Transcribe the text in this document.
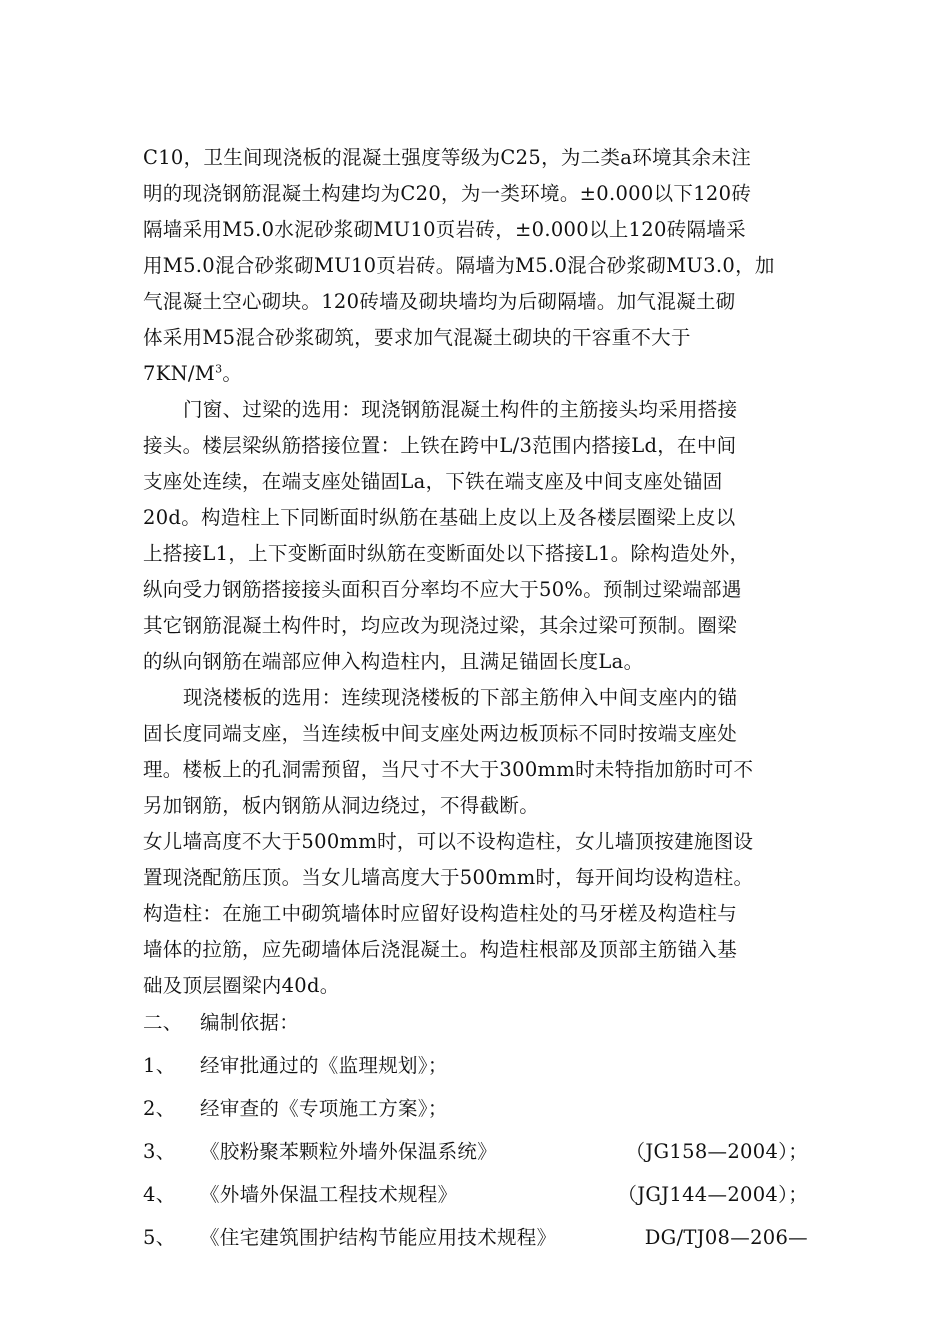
C10，卫生间现浇板的混凝土强度等级为C25，为二类a环境其余未注
明的现浇钢筋混凝土构建均为C20，为一类环境。±0.000以下120砖
隔墙采用M5.0水泥砂浆砌MU10页岩砖，±0.000以上120砖隔墙采
用M5.0混合砂浆砌MU10页岩砖。隔墙为M5.0混合砂浆砌MU3.0，加
气混凝土空心砌块。120砖墙及砌块墙均为后砌隔墙。加气混凝土砌
体采用M5混合砂浆砌筑，要求加气混凝土砌块的干容重不大于
$7KN/M^3$。
门窗、过梁的选用：现浇钢筋混凝土构件的主筋接头均采用搭接
接头。楼层梁纵筋搭接位置：上铁在跨中L/3范围内搭接Ld，在中间
支座处连续，在端支座处锚固La，下铁在端支座及中间支座处锚固
20d。构造柱上下同断面时纵筋在基础上皮以上及各楼层圈梁上皮以
上搭接L1，上下变断面时纵筋在变断面处以下搭接L1。除构造处外，
纵向受力钢筋搭接接头面积百分率均不应大于50%。预制过梁端部遇
其它钢筋混凝土构件时，均应改为现浇过梁，其余过梁可预制。圈梁
的纵向钢筋在端部应伸入构造柱内，且满足锚固长度La。
现浇楼板的选用：连续现浇楼板的下部主筋伸入中间支座内的锚
固长度同端支座，当连续板中间支座处两边板顶标不同时按端支座处
理。楼板上的孔洞需预留，当尺寸不大于300mm时未特指加筋时可不
另加钢筋，板内钢筋从洞边绕过，不得截断。
女儿墙高度不大于500mm时，可以不设构造柱，女儿墙顶按建施图设
置现浇配筋压顶。当女儿墙高度大于500mm时，每开间均设构造柱。
构造柱：在施工中砌筑墙体时应留好设构造柱处的马牙槎及构造柱与
墙体的拉筋，应先砌墙体后浇混凝土。构造柱根部及顶部主筋锚入基
础及顶层圈梁内40d。
二、 编制依据：
1、	经审批通过的《监理规划》；
2、	经审查的《专项施工方案》；
3、	《胶粉聚苯颗粒外墙外保温系统》	（JG158—2004）；
4、	《外墙外保温工程技术规程》	（JGJ144—2004）；
5、	《住宅建筑围护结构节能应用技术规程》	DG/TJ08—206—
